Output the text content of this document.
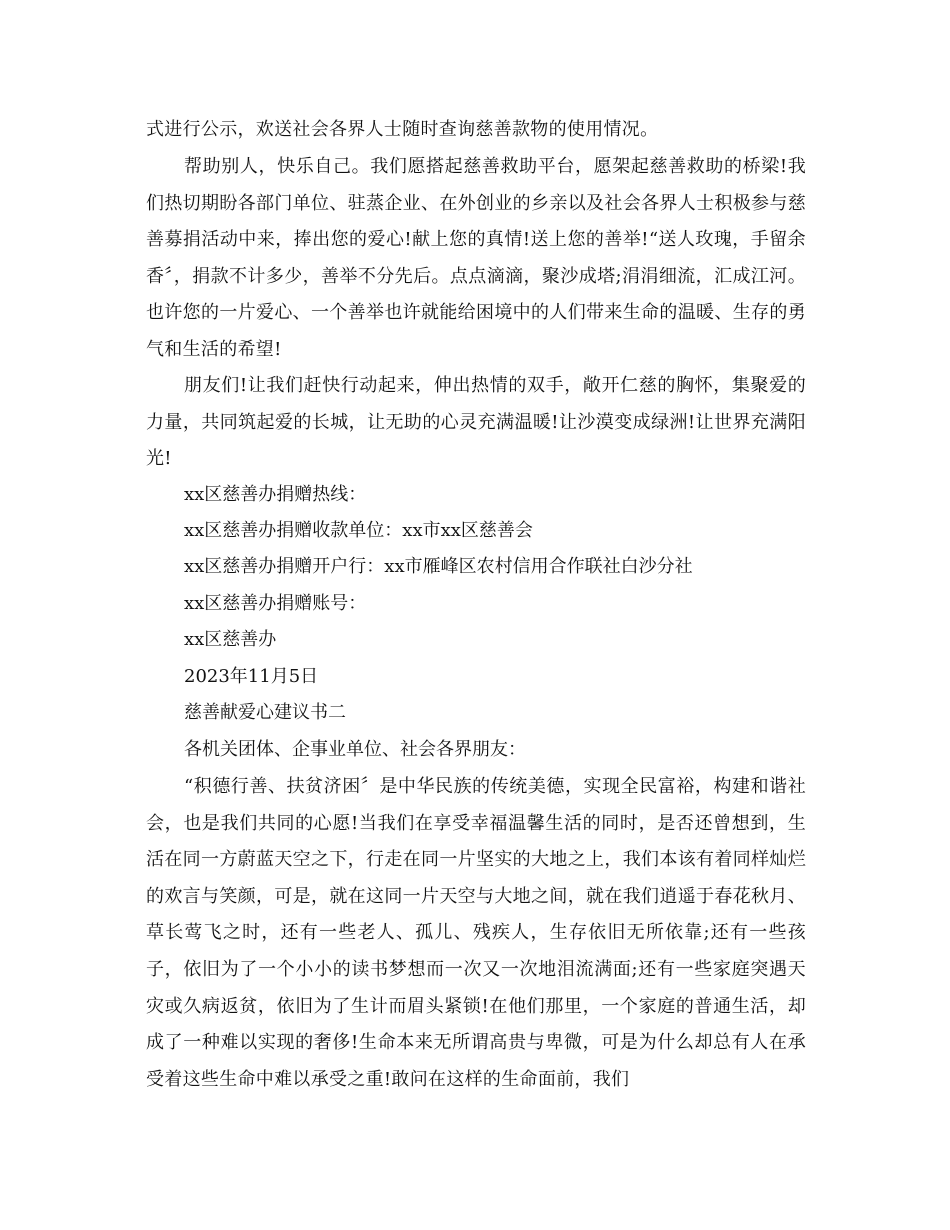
式进行公示，欢送社会各界人士随时查询慈善款物的使用情况。

帮助别人，快乐自己。我们愿搭起慈善救助平台，愿架起慈善救助的桥梁!我们热切期盼各部门单位、驻蒸企业、在外创业的乡亲以及社会各界人士积极参与慈善募捐活动中来，捧出您的爱心!献上您的真情!送上您的善举!“送人玫瑰，手留余香〞，捐款不计多少，善举不分先后。点点滴滴，聚沙成塔;涓涓细流，汇成江河。也许您的一片爱心、一个善举也许就能给困境中的人们带来生命的温暖、生存的勇气和生活的希望!

朋友们!让我们赶快行动起来，伸出热情的双手，敞开仁慈的胸怀，集聚爱的力量，共同筑起爱的长城，让无助的心灵充满温暖!让沙漠变成绿洲!让世界充满阳光!

xx区慈善办捐赠热线：

xx区慈善办捐赠收款单位：xx市xx区慈善会

xx区慈善办捐赠开户行：xx市雁峰区农村信用合作联社白沙分社

xx区慈善办捐赠账号：

xx区慈善办

2023年11月5日

慈善献爱心建议书二

各机关团体、企事业单位、社会各界朋友：

“积德行善、扶贫济困〞是中华民族的传统美德，实现全民富裕，构建和谐社会，也是我们共同的心愿!当我们在享受幸福温馨生活的同时，是否还曾想到，生活在同一方蔚蓝天空之下，行走在同一片坚实的大地之上，我们本该有着同样灿烂的欢言与笑颜，可是，就在这同一片天空与大地之间，就在我们逍遥于春花秋月、草长莺飞之时，还有一些老人、孤儿、残疾人，生存依旧无所依靠;还有一些孩子，依旧为了一个小小的读书梦想而一次又一次地泪流满面;还有一些家庭突遇天灾或久病返贫，依旧为了生计而眉头紧锁!在他们那里，一个家庭的普通生活，却成了一种难以实现的奢侈!生命本来无所谓高贵与卑微，可是为什么却总有人在承受着这些生命中难以承受之重!敢问在这样的生命面前，我们
